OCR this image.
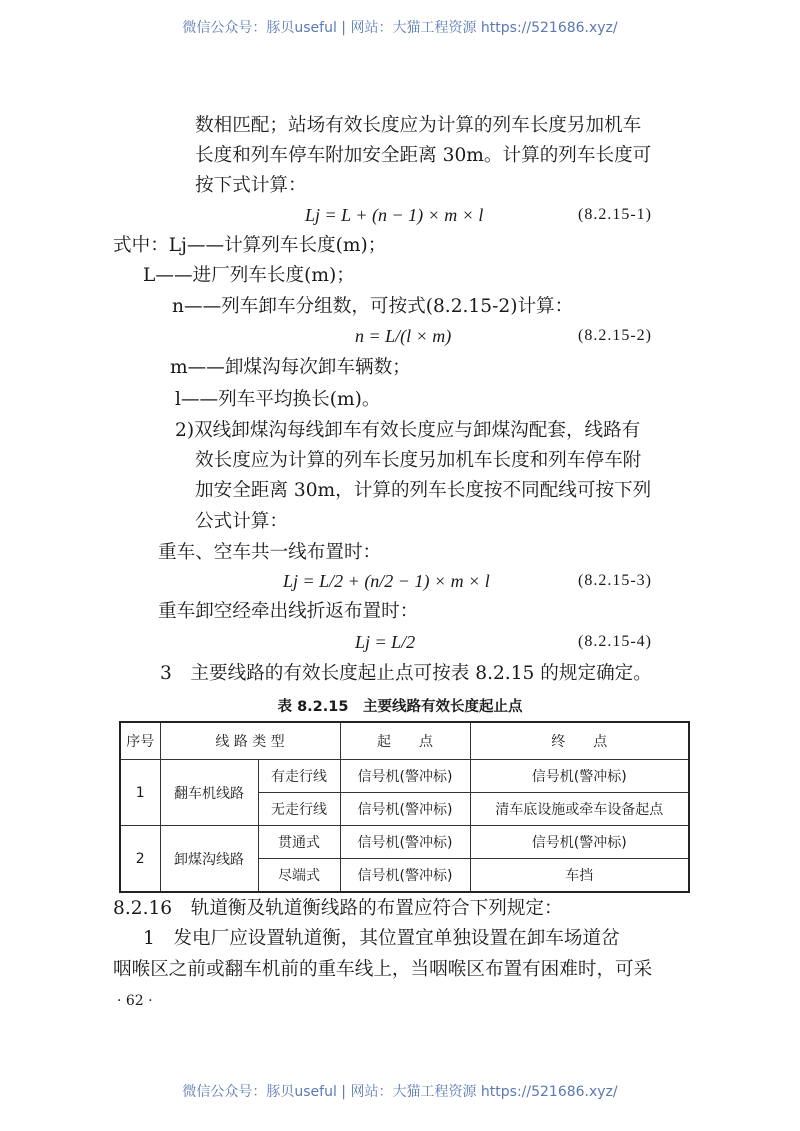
微信公众号：豚贝useful | 网站：大猫工程资源 https://521686.xyz/
数相匹配；站场有效长度应为计算的列车长度另加机车
长度和列车停车附加安全距离 30m。计算的列车长度可
按下式计算：
Lj = L + (n − 1) × m × l	(8.2.15-1)
式中：Lj——计算列车长度(m)；
L——进厂列车长度(m)；
n——列车卸车分组数，可按式(8.2.15-2)计算：
n = L/(l × m)	(8.2.15-2)
m——卸煤沟每次卸车辆数；
l——列车平均换长(m)。
2)双线卸煤沟每线卸车有效长度应与卸煤沟配套，线路有
效长度应为计算的列车长度另加机车长度和列车停车附
加安全距离 30m，计算的列车长度按不同配线可按下列
公式计算：
重车、空车共一线布置时：
Lj = L/2 + (n/2 − 1) × m × l	(8.2.15-3)
重车卸空经牵出线折返布置时：
Lj = L/2	(8.2.15-4)
3　主要线路的有效长度起止点可按表 8.2.15 的规定确定。
表 8.2.15　主要线路有效长度起止点
序号	线 路 类 型		起　　点	终　　点
1	翻车机线路	有走行线	信号机(警冲标)	信号机(警冲标)
		无走行线	信号机(警冲标)	清车底设施或牵车设备起点
2	卸煤沟线路	贯通式	信号机(警冲标)	信号机(警冲标)
		尽端式	信号机(警冲标)	车挡
8.2.16　轨道衡及轨道衡线路的布置应符合下列规定：
1　发电厂应设置轨道衡，其位置宜单独设置在卸车场道岔
咽喉区之前或翻车机前的重车线上，当咽喉区布置有困难时，可采
· 62 ·
微信公众号：豚贝useful | 网站：大猫工程资源 https://521686.xyz/
